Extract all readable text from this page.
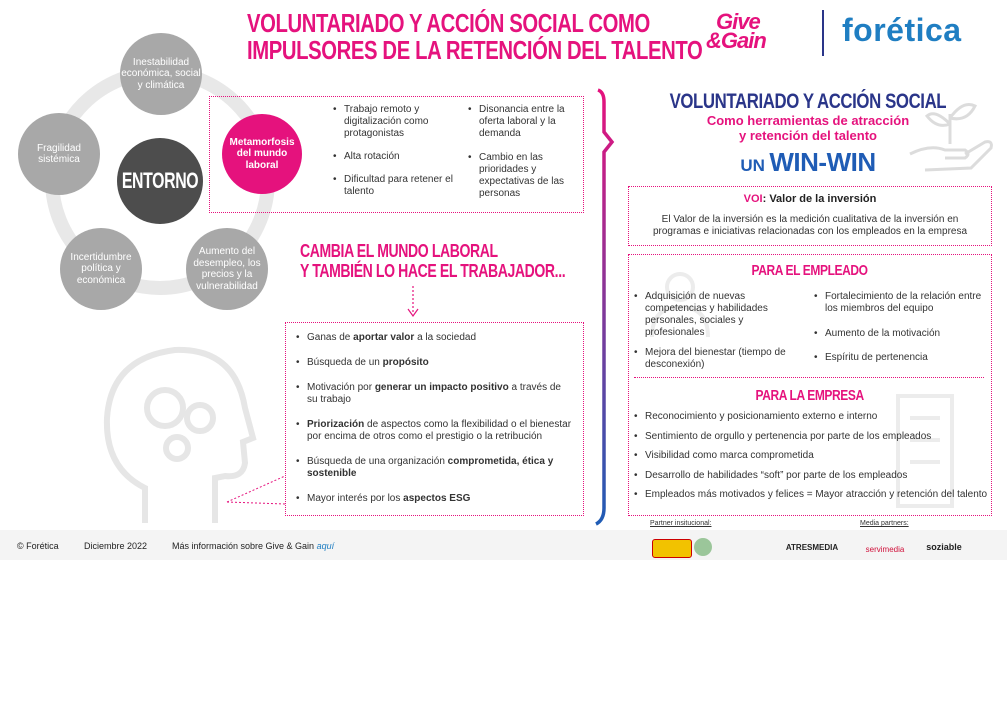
VOLUNTARIADO Y ACCIÓN SOCIAL COMO
IMPULSORES DE LA RETENCIÓN DEL TALENTO
Give
&Gain	forética
Inestabilidad económica, social y climática
Fragilidad sistémica
Incertidumbre política y económica
Aumento del desempleo, los precios y la vulnerabilidad
ENTORNO
Metamorfosis del mundo laboral
• Trabajo remoto y digitalización como protagonistas
• Alta rotación
• Dificultad para retener el talento
• Disonancia entre la oferta laboral y la demanda
• Cambio en las prioridades y expectativas de las personas
CAMBIA EL MUNDO LABORAL
Y TAMBIÉN LO HACE EL TRABAJADOR...
• Ganas de aportar valor a la sociedad
• Búsqueda de un propósito
• Motivación por generar un impacto positivo a través de su trabajo
• Priorización de aspectos como la flexibilidad o el bienestar por encima de otros como el prestigio o la retribución
• Búsqueda de una organización comprometida, ética y sostenible
• Mayor interés por los aspectos ESG
VOLUNTARIADO Y ACCIÓN SOCIAL
Como herramientas de atracción
y retención del talento
UN WIN-WIN
VOI: Valor de la inversión
El Valor de la inversión es la medición cualitativa de la inversión en programas e iniciativas relacionadas con los empleados en la empresa
PARA EL EMPLEADO
• Adquisición de nuevas competencias y habilidades personales, sociales y profesionales
• Mejora del bienestar (tiempo de desconexión)
• Fortalecimiento de la relación entre los miembros del equipo
• Aumento de la motivación
• Espíritu de pertenencia
PARA LA EMPRESA
• Reconocimiento y posicionamiento externo e interno
• Sentimiento de orgullo y pertenencia por parte de los empleados
• Visibilidad como marca comprometida
• Desarrollo de habilidades “soft” por parte de los empleados
• Empleados más motivados y felices = Mayor atracción y retención del talento
© Forética	Diciembre 2022	Más información sobre Give & Gain aquí
Partner insitucional:	Media partners:
ATRESMEDIA	servimedia	soziable
